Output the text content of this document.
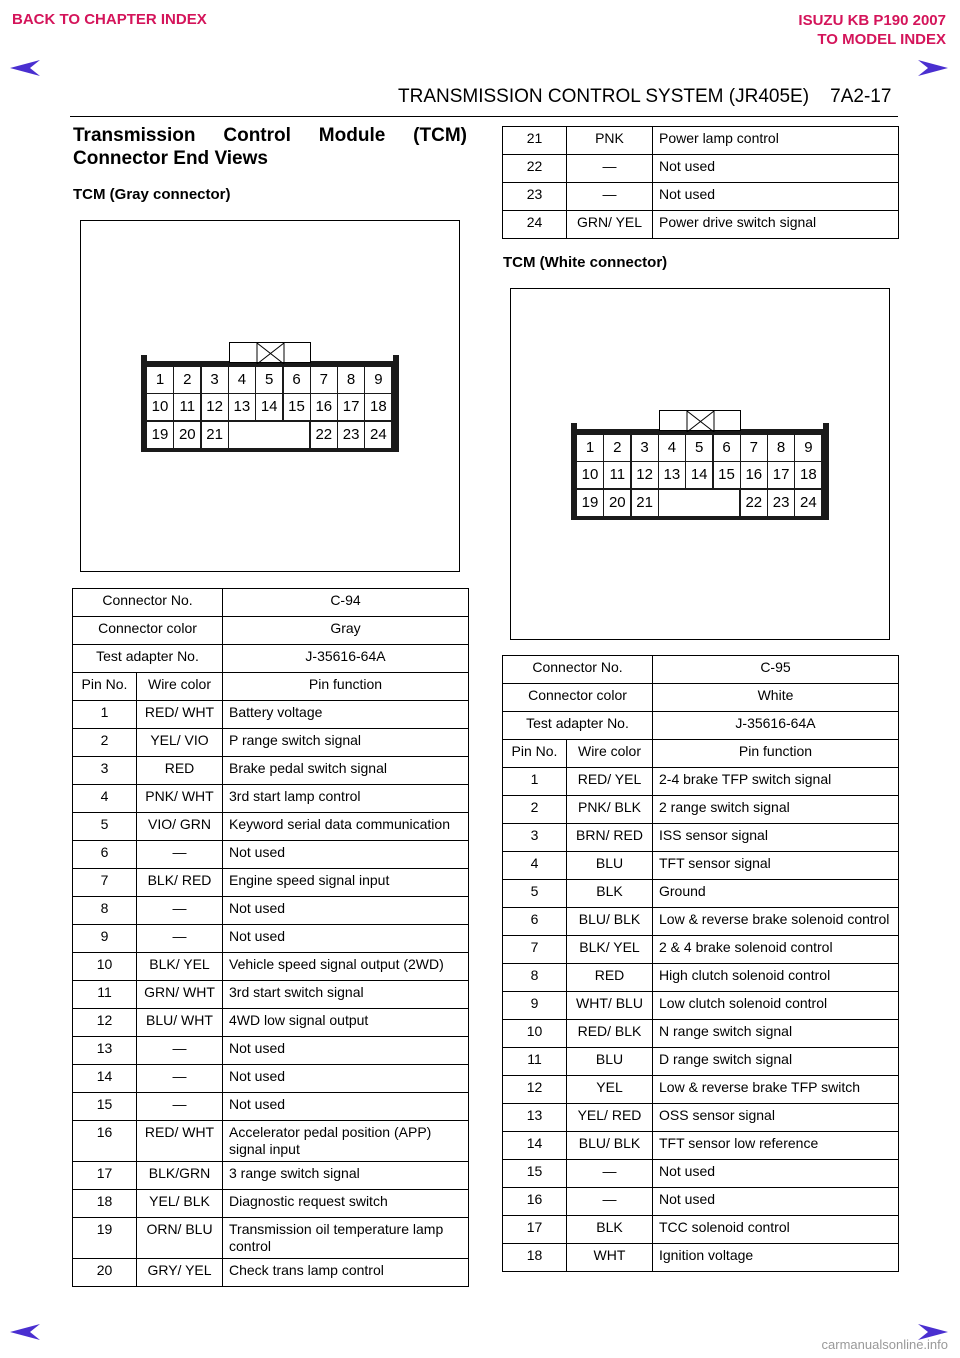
BACK TO CHAPTER INDEX	ISUZU KB P190 2007
TO MODEL INDEX
TRANSMISSION CONTROL SYSTEM (JR405E)    7A2-17
Transmission Control Module (TCM) Connector End Views
TCM (Gray connector)
1	2	3	4	5	6	7	8	9
10 11 12 13 14 15 16 17 18
19 20 21	22 23 24
Connector No.		C-94
Connector color		Gray
Test adapter No.		J-35616-64A
Pin No.	Wire color	Pin function
1	RED/ WHT	Battery voltage
2	YEL/ VIO	P range switch signal
3	RED	Brake pedal switch signal
4	PNK/ WHT	3rd start lamp control
5	VIO/ GRN	Keyword serial data communication
6	—	Not used
7	BLK/ RED	Engine speed signal input
8	—	Not used
9	—	Not used
10	BLK/ YEL	Vehicle speed signal output (2WD)
11	GRN/ WHT	3rd start switch signal
12	BLU/ WHT	4WD low signal output
13	—	Not used
14	—	Not used
15	—	Not used
16	RED/ WHT	Accelerator pedal position (APP) signal input
17	BLK/GRN	3 range switch signal
18	YEL/ BLK	Diagnostic request switch
19	ORN/ BLU	Transmission oil temperature lamp control
20	GRY/ YEL	Check trans lamp control
21	PNK	Power lamp control
22	—	Not used
23	—	Not used
24	GRN/ YEL	Power drive switch signal
TCM (White connector)
1	2	3	4	5	6	7	8	9
10 11 12 13 14 15 16 17 18
19 20 21	22 23 24
Connector No.		C-95
Connector color		White
Test adapter No.		J-35616-64A
Pin No.	Wire color	Pin function
1	RED/ YEL	2-4 brake TFP switch signal
2	PNK/ BLK	2 range switch signal
3	BRN/ RED	ISS sensor signal
4	BLU	TFT sensor signal
5	BLK	Ground
6	BLU/ BLK	Low & reverse brake solenoid control
7	BLK/ YEL	2 & 4 brake solenoid control
8	RED	High clutch solenoid control
9	WHT/ BLU	Low clutch solenoid control
10	RED/ BLK	N range switch signal
11	BLU	D range switch signal
12	YEL	Low & reverse brake TFP switch
13	YEL/ RED	OSS sensor signal
14	BLU/ BLK	TFT sensor low reference
15	—	Not used
16	—	Not used
17	BLK	TCC solenoid control
18	WHT	Ignition voltage
carmanualsonline.info
